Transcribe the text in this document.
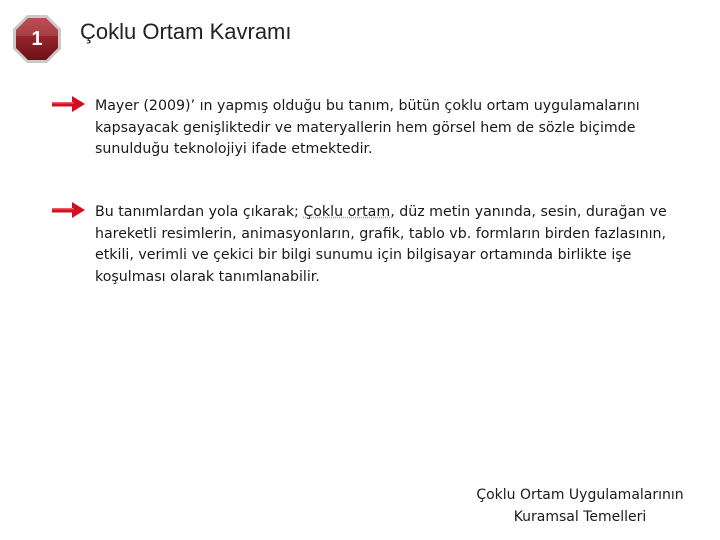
1	Çoklu Ortam Kavramı
Mayer (2009)’ ın yapmış olduğu bu tanım, bütün çoklu ortam uygulamalarını kapsayacak genişliktedir ve materyallerin hem görsel hem de sözle biçimde sunulduğu teknolojiyi ifade etmektedir.
Bu tanımlardan yola çıkarak; Çoklu ortam, düz metin yanında, sesin, durağan ve hareketli resimlerin, animasyonların, grafik, tablo vb. formların birden fazlasının, etkili, verimli ve çekici bir bilgi sunumu için bilgisayar ortamında birlikte işe koşulması olarak tanımlanabilir.
Çoklu Ortam Uygulamalarının
Kuramsal Temelleri
